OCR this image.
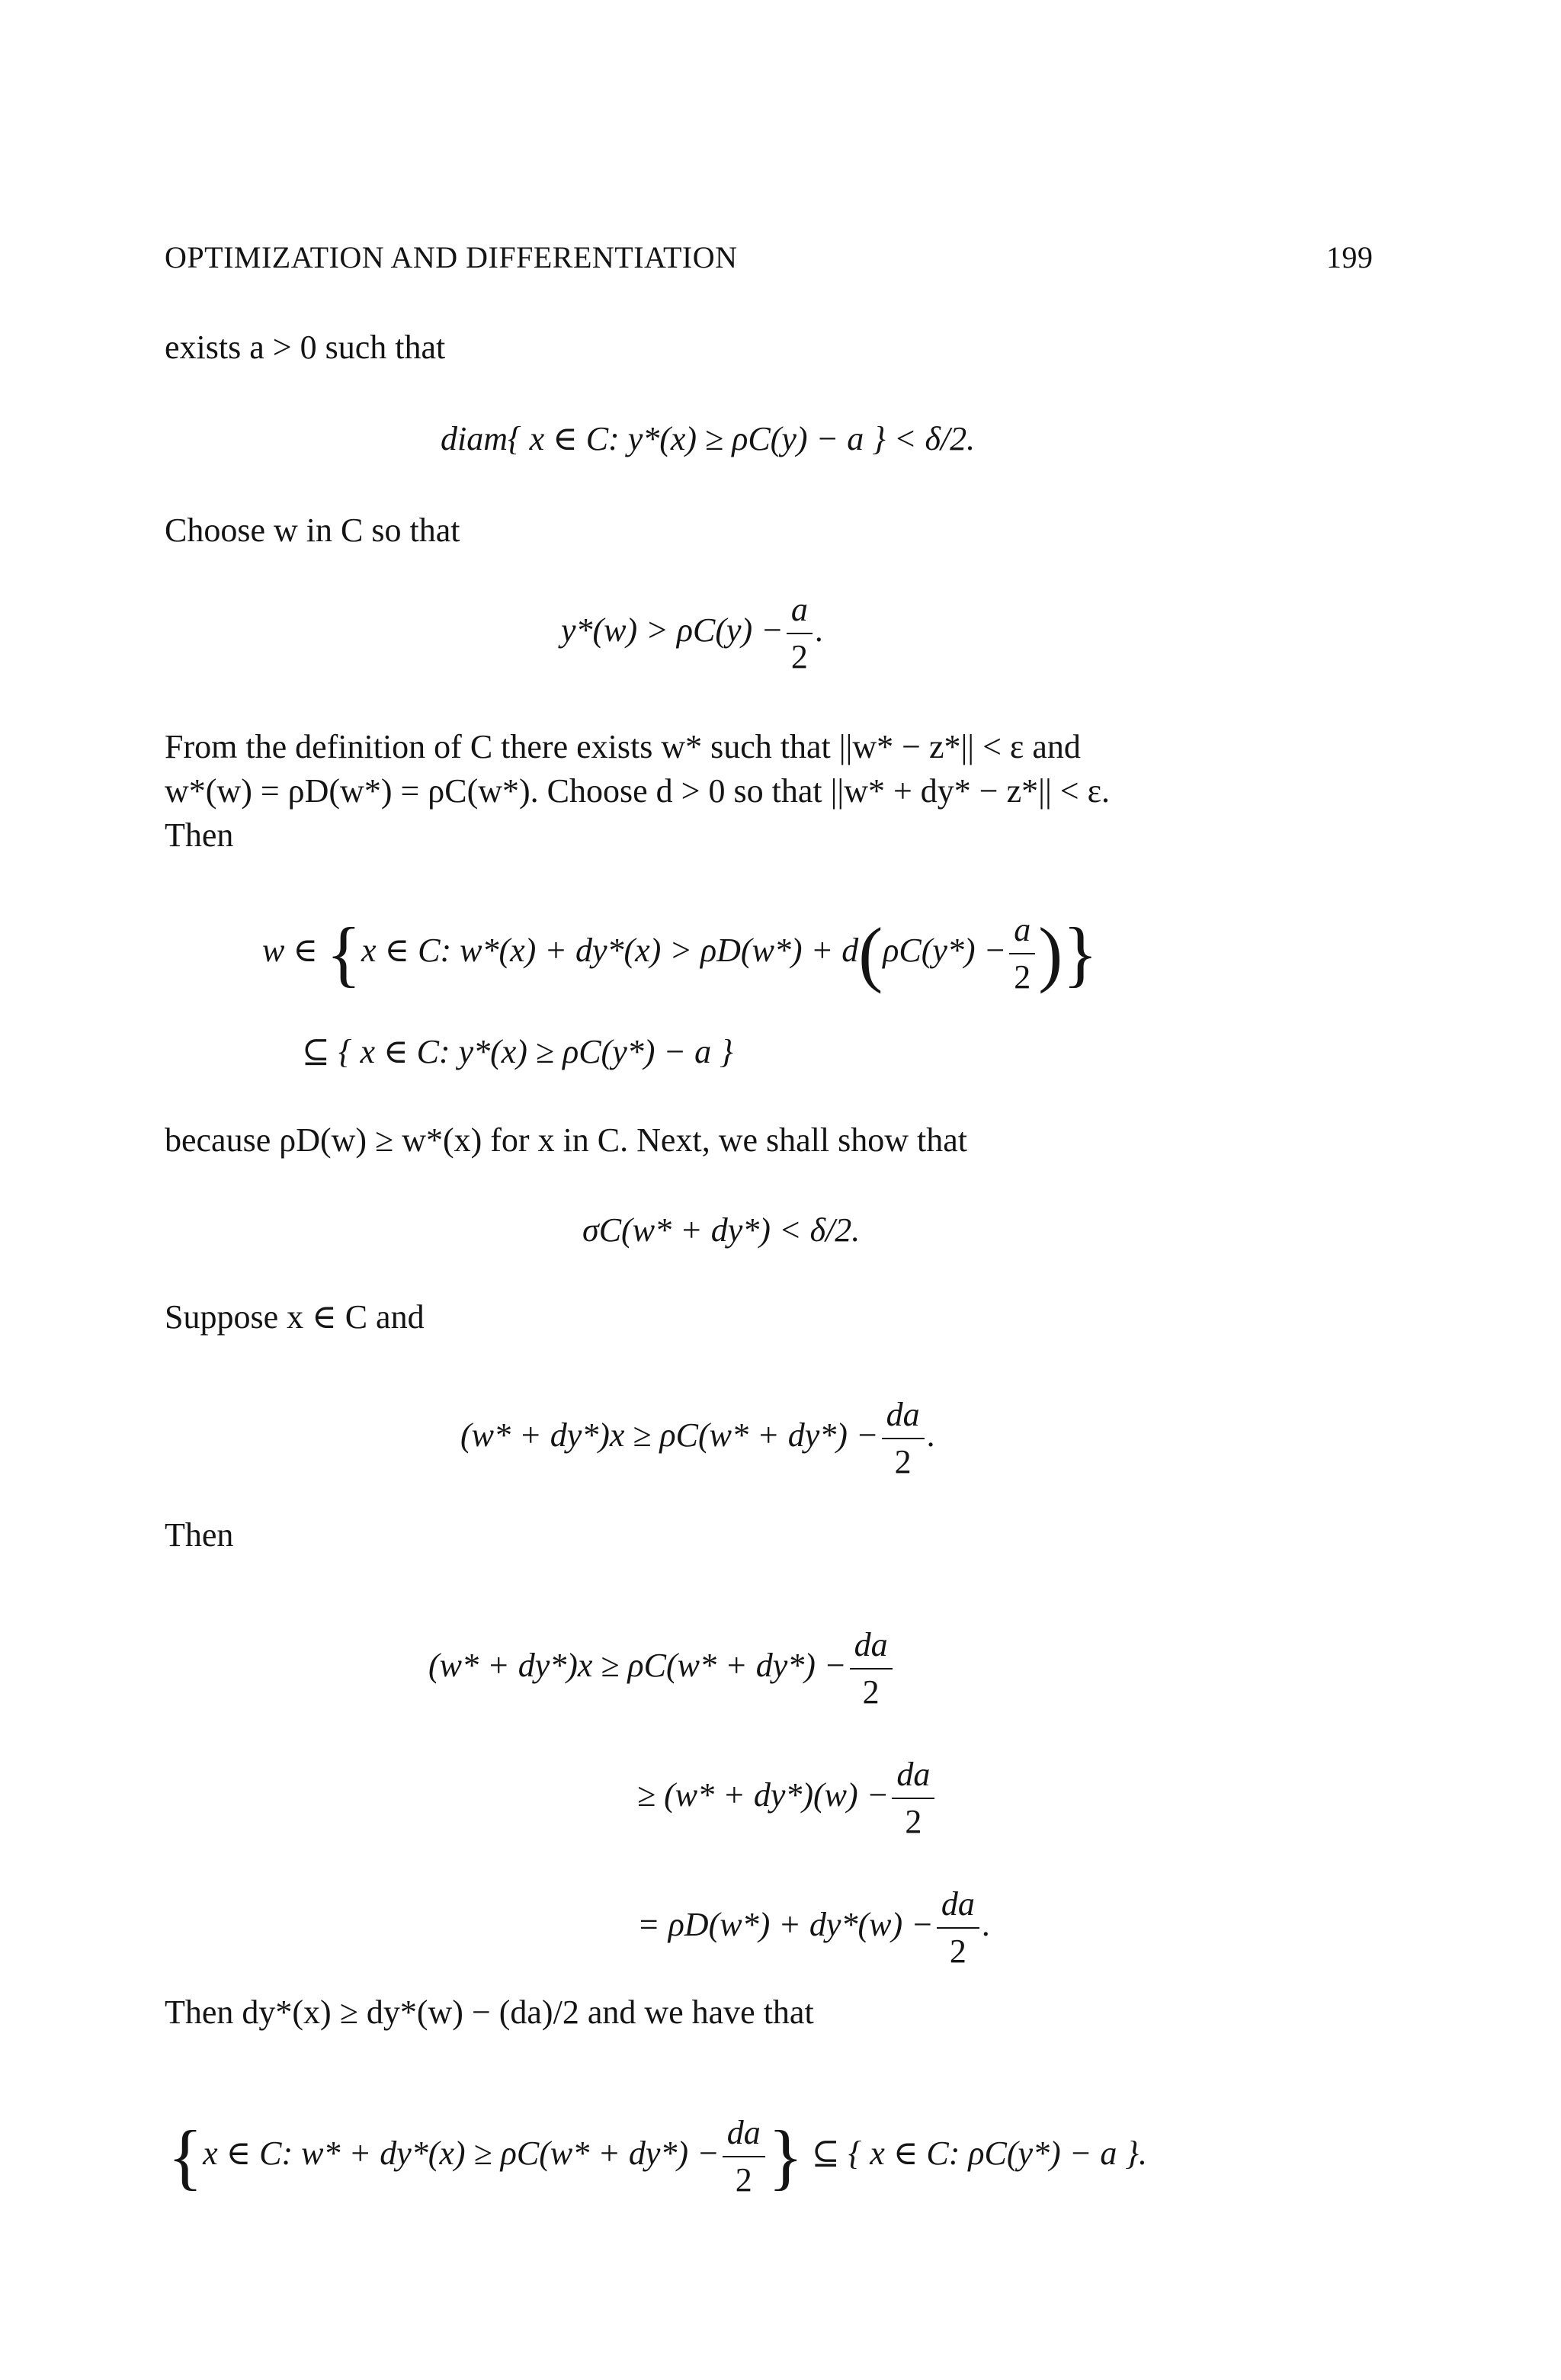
OPTIMIZATION AND DIFFERENTIATION	199
exists a > 0 such that
diam{ x ∈ C: y*(x) ≥ ρC(y) − a } < δ/2.
Choose w in C so that
$y*(w) > \rho C(y) - \frac{a}{2}$ .
From the definition of C there exists w* such that ||w* − z*|| < ε and
w*(w) = ρD(w*) = ρC(w*). Choose d > 0 so that ||w* + dy* − z*|| < ε.
Then
w ∈ {x ∈ C: $w*(x) + dy*(x) > \rho D(w*) + d(\rho C(y*) - \frac{a}{2}$ )}
⊆ { x ∈ C: y*(x) ≥ ρC(y*) − a }
because ρD(w) ≥ w*(x) for x in C. Next, we shall show that
σC(w* + dy*) < δ/2.
Suppose x ∈ C and
$(w* + dy*)x \ge \rho C(w* + dy*) - \frac{da}{2}$ .
Then
$(w* + dy*)x \ge \rho C(w* + dy*) - \frac{da}{2}$
≥ $(w* + dy*)(w) - \frac{da}{2}$
= $\rho D(w*) + dy*(w) - \frac{da}{2}$ .
Then dy*(x) ≥ dy*(w) − (da)/2 and we have that
{x ∈ C: $w* + dy*(x) \ge \rho C(w* + dy*) - \frac{da}{2}$ } ⊆ { x ∈ C: ρC(y*) − a }.
